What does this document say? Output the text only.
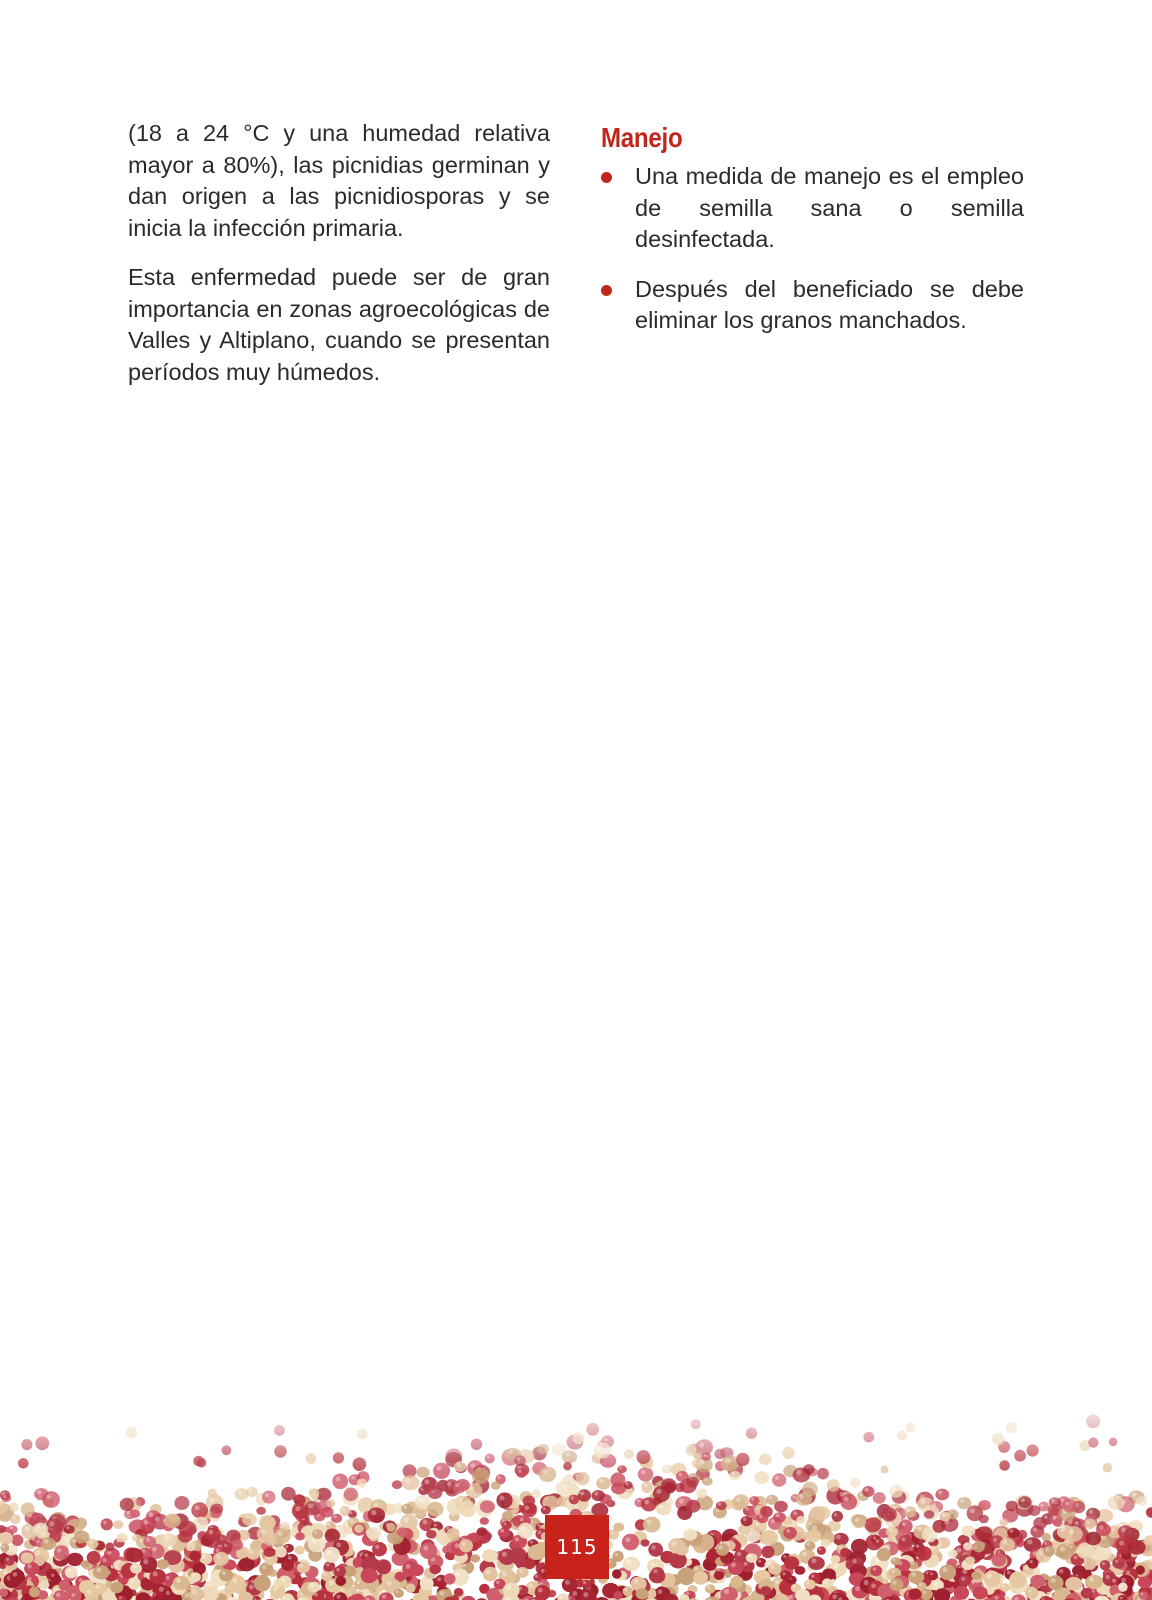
(18 a 24 °C y una humedad relativa mayor a 80%), las picnidias germinan y dan origen a las picnidiosporas y se inicia la infección primaria.

Esta enfermedad puede ser de gran importancia en zonas agroecológicas de Valles y Altiplano, cuando se presentan períodos muy húmedos.

Manejo
Una medida de manejo es el empleo de semilla sana o semilla desinfectada.
Después del beneficiado se debe eliminar los granos manchados.
115
